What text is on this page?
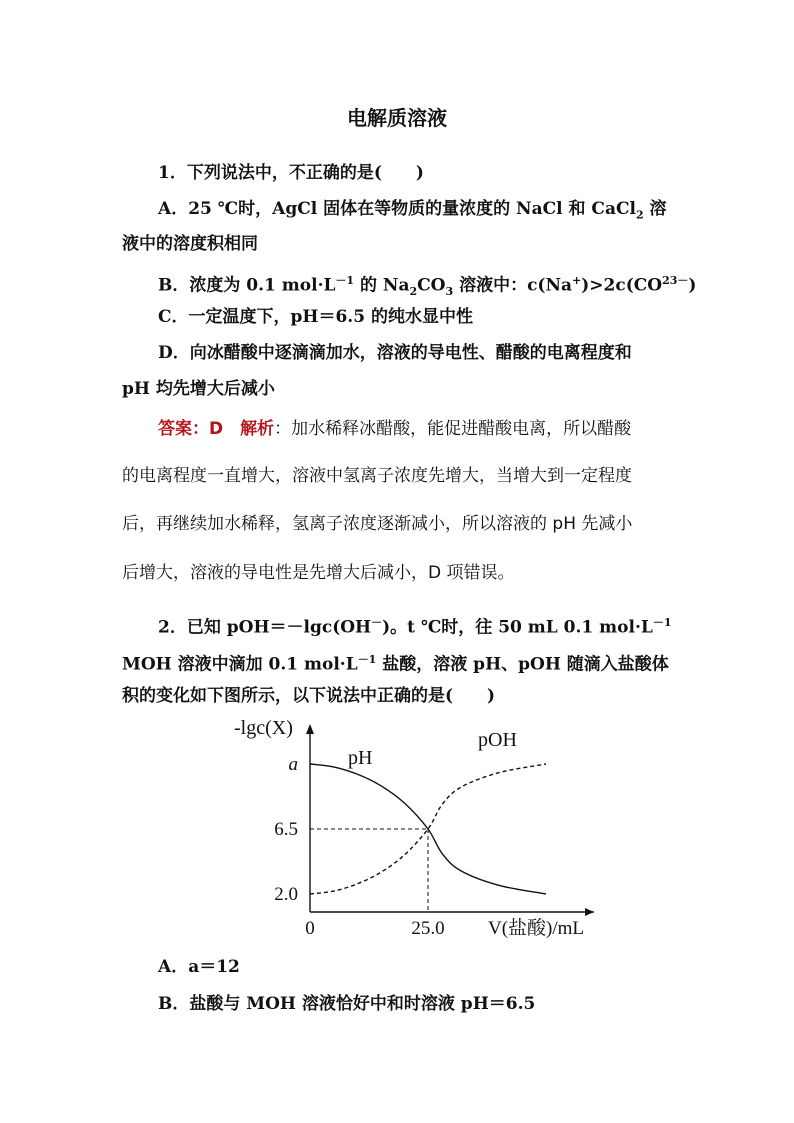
电解质溶液
1．下列说法中，不正确的是(　　)
A．25 ℃时，AgCl 固体在等物质的量浓度的 NaCl 和 CaCl$_2$ 溶
液中的溶度积相同
B．浓度为 0.1 $mol\cdot L^{-1}$ 的 $Na_2CO_3$ 溶液中：$c(Na^+)>2c(CO^{23-})$
C．一定温度下，pH＝6.5 的纯水显中性
D．向冰醋酸中逐滴滴加水，溶液的导电性、醋酸的电离程度和
pH 均先增大后减小
答案：D　 解析：加水稀释冰醋酸，能促进醋酸电离，所以醋酸
的电离程度一直增大，溶液中氢离子浓度先增大，当增大到一定程度
后，再继续加水稀释，氢离子浓度逐渐减小，所以溶液的 pH 先减小
后增大，溶液的导电性是先增大后减小，D 项错误。
2．已知 pOH＝－lgc(OH－)。t ℃时，往 50 mL 0.1 $mol\cdot L^{-1}$
MOH 溶液中滴加 0.1 $mol\cdot L^{-1}$ 盐酸，溶液 pH、pOH 随滴入盐酸体
积的变化如下图所示，以下说法中正确的是(　　)
a
6.5
2.0
0	25.0
-lgc(X)
V(盐酸)/mL
pH
pOH
A．a＝12
B．盐酸与 MOH 溶液恰好中和时溶液 pH＝6.5
